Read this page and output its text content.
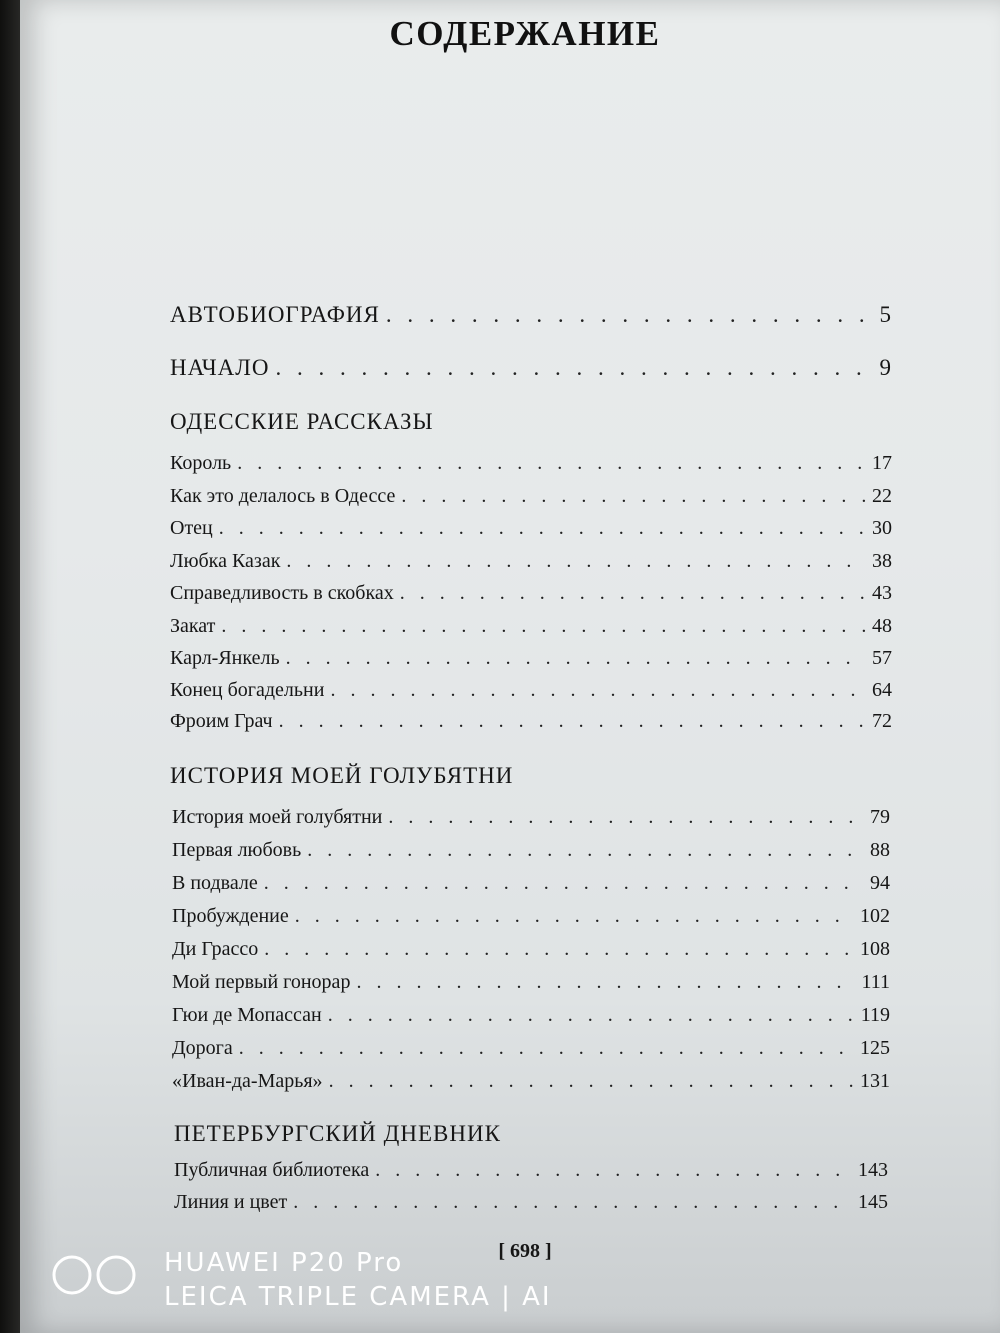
СОДЕРЖАНИЕ
АВТОБИОГРАФИЯ . . .	5
НАЧАЛО . . .	9
ОДЕССКИЕ РАССКАЗЫ
Король . . .	17
Как это делалось в Одессе . . .	22
Отец . . .	30
Любка Казак . . .	38
Справедливость в скобках . . .	43
Закат . . .	48
Карл-Янкель . . .	57
Конец богадельни . . .	64
Фроим Грач . . .	72
ИСТОРИЯ МОЕЙ ГОЛУБЯТНИ
История моей голубятни . . .	79
Первая любовь . . .	88
В подвале . . .	94
Пробуждение . . .	102
Ди Грассо . . .	108
Мой первый гонорар . . .	111
Гюи де Мопассан . . .	119
Дорога . . .	125
«Иван-да-Марья» . . .	131
ПЕТЕРБУРГСКИЙ ДНЕВНИК
Публичная библиотека . . .	143
Линия и цвет . . .	145
[ 698 ]
HUAWEI P20 Pro
LEICA TRIPLE CAMERA | AI
